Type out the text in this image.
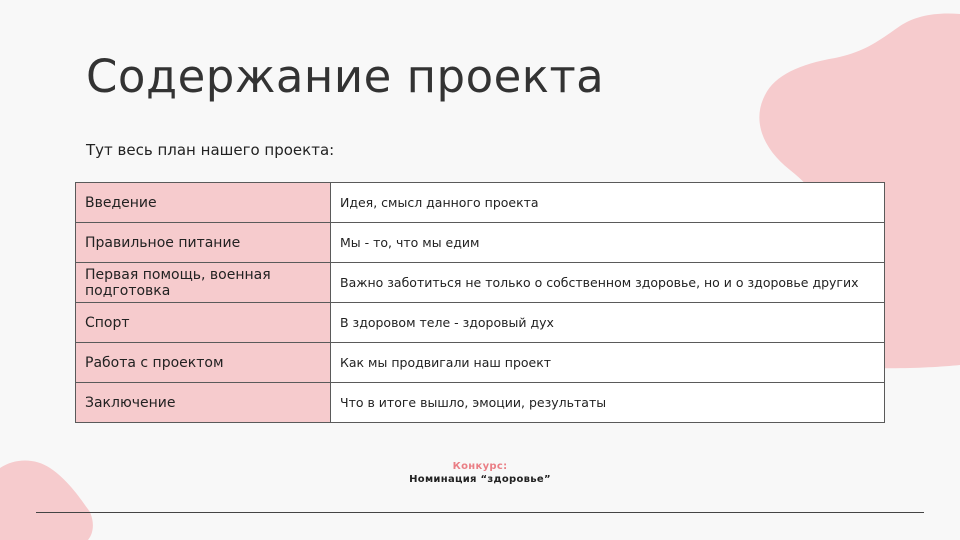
Содержание проекта
Тут весь план нашего проекта:
Введение	Идея, смысл данного проекта
Правильное питание	Мы - то, что мы едим
Первая помощь, военная подготовка	Важно заботиться не только о собственном здоровье, но и о здоровье других
Спорт	В здоровом теле - здоровый дух
Работа с проектом	Как мы продвигали наш проект
Заключение	Что в итоге вышло, эмоции, результаты
Конкурс:
Номинация “здоровье”
